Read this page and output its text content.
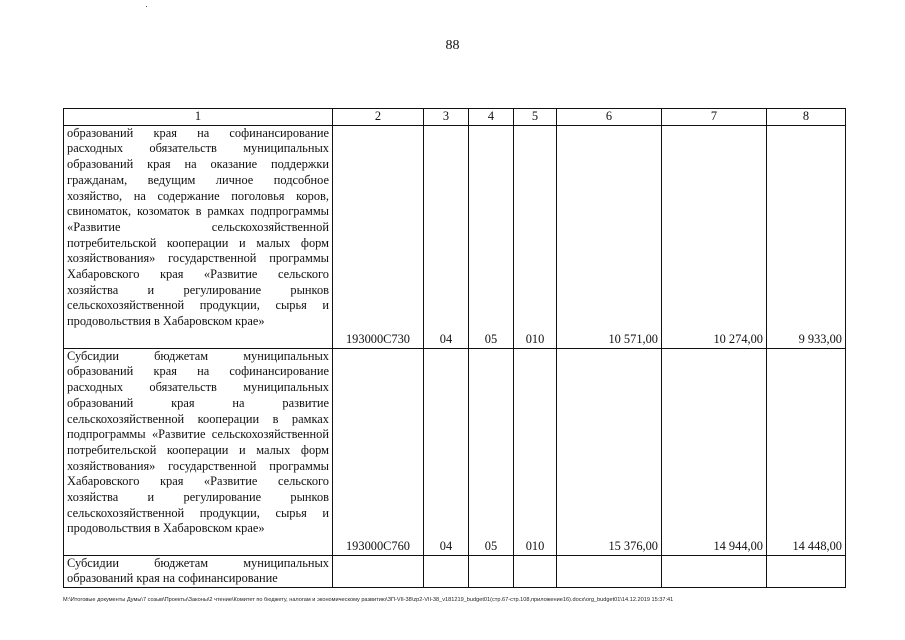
88
1	2	3	4	5	6	7	8
образований края на софинансирование расходных обязательств муниципальных образований края на оказание поддержки гражданам, ведущим личное подсобное хозяйство, на содержание поголовья коров, свиноматок, козоматок в рамках подпрограммы «Развитие сельскохозяйственной потребительской кооперации и малых форм хозяйствования» государственной программы Хабаровского края «Развитие сельского хозяйства и регулирование рынков сельскохозяйственной продукции, сырья и продовольствия в Хабаровском крае»	193000С730	04	05	010	10 571,00	10 274,00	9 933,00
Субсидии бюджетам муниципальных образований края на софинансирование расходных обязательств муниципальных образований края на развитие сельскохозяйственной кооперации в рамках подпрограммы «Развитие сельскохозяйственной потребительской кооперации и малых форм хозяйствования» государственной программы Хабаровского края «Развитие сельского хозяйства и регулирование рынков сельскохозяйственной продукции, сырья и продовольствия в Хабаровском крае»	193000С760	04	05	010	15 376,00	14 944,00	14 448,00
Субсидии бюджетам муниципальных образований края на софинансирование							
M:\Итоговые документы Думы\7 созыв\Проекты\Законы\2 чтение\Комитет по бюджету, налогам и экономическому развитию\ЗП-VII-38\zp2-VII-38_v181219_budget01(стр.67-стр.108,приложение16).docx\org_budget01\14.12.2019 15:37:41
